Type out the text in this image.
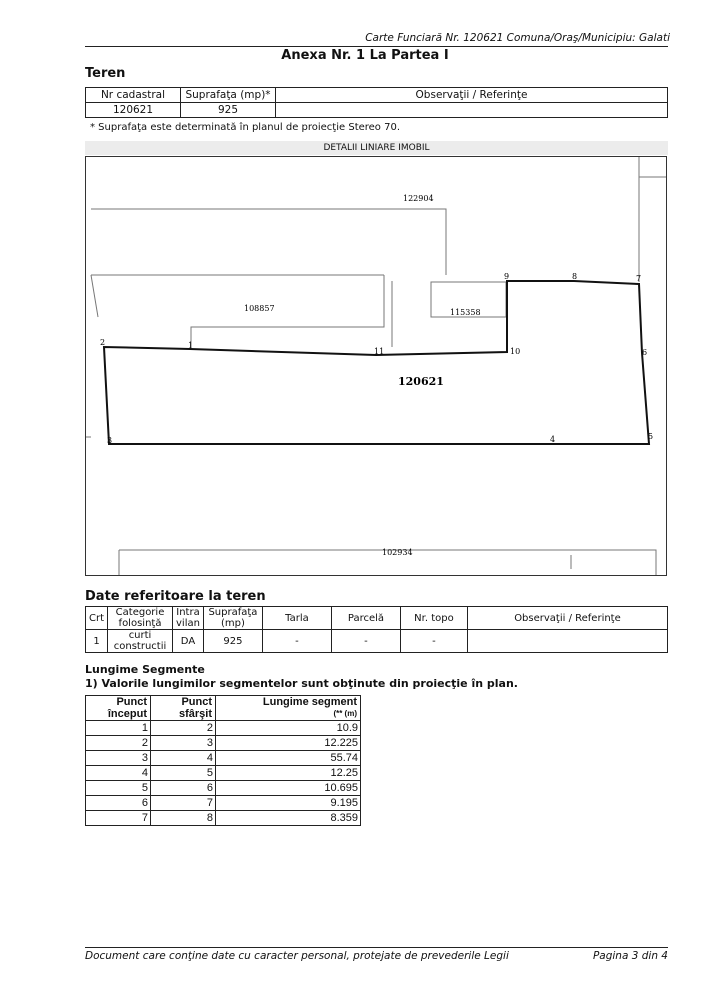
Carte Funciară Nr. 120621 Comuna/Oraş/Municipiu: Galati
Anexa Nr. 1 La Partea I
Teren
Nr cadastral	Suprafaţa (mp)*	Observaţii / Referinţe
120621	925	
* Suprafaţa este determinată în planul de proiecţie Stereo 70.
DETALII LINIARE IMOBIL
120621
122904
108857	115358
102934
1
2
3	4	5
6
7
8
9
10
11
Date referitoare la teren
Crt	Categorie folosinţă	Intra vilan	Suprafaţa (mp)	Tarla	Parcelă	Nr. topo	Observaţii / Referinţe
1	curti constructii	DA	925	-	-	-	
Lungime Segmente
1) Valorile lungimilor segmentelor sunt obţinute din proiecţie în plan.
Punct început	Punct sfârşit	Lungime segment
(** (m)

1	2	10.9
2	3	12.225
3	4	55.74
4	5	12.25
5	6	10.695
6	7	9.195
7	8	8.359
Document care conţine date cu caracter personal, protejate de prevederile Legii	Pagina 3 din 4
